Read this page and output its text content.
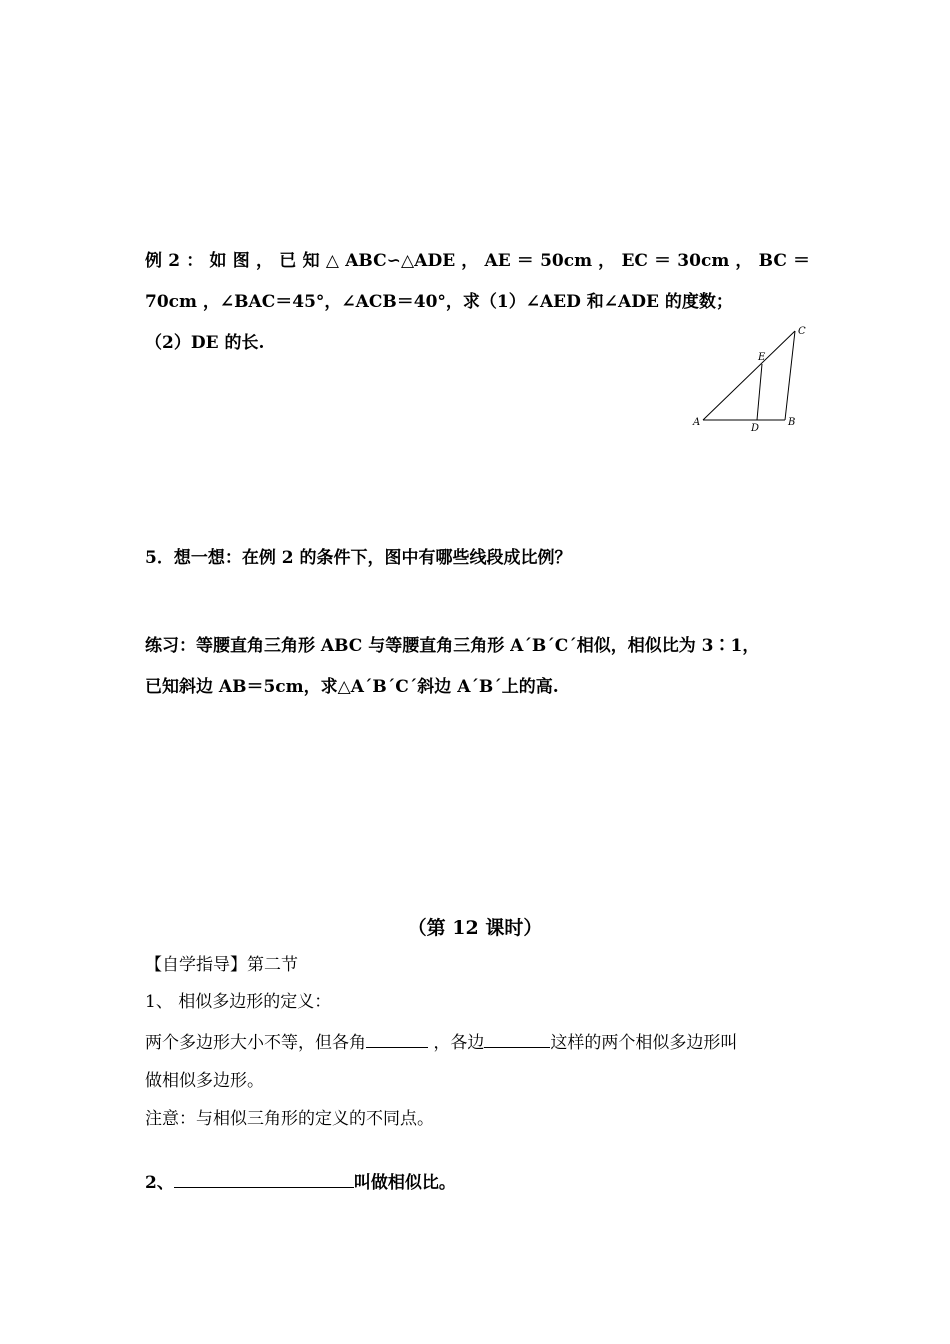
例 2 ： 如 图 ， 已 知 △ ABC∽△ADE ， AE ＝ 50cm ， EC ＝ 30cm ， BC ＝
70cm ，∠BAC＝45°，∠ACB＝40°，求（1）∠AED 和∠ADE 的度数；
（2）DE 的长.
A	B
C
D
E
5．想一想：在例 2 的条件下，图中有哪些线段成比例？
练习：等腰直角三角形 ABC 与等腰直角三角形 A´B´C´相似，相似比为 3∶1，
已知斜边 AB＝5cm，求△A´B´C´斜边 A´B´上的高.
（第 12 课时）
【自学指导】第二节
1、 相似多边形的定义：
两个多边形大小不等，但各角	，各边	这样的两个相似多边形叫
做相似多边形。
注意：与相似三角形的定义的不同点。
2、	叫做相似比。
